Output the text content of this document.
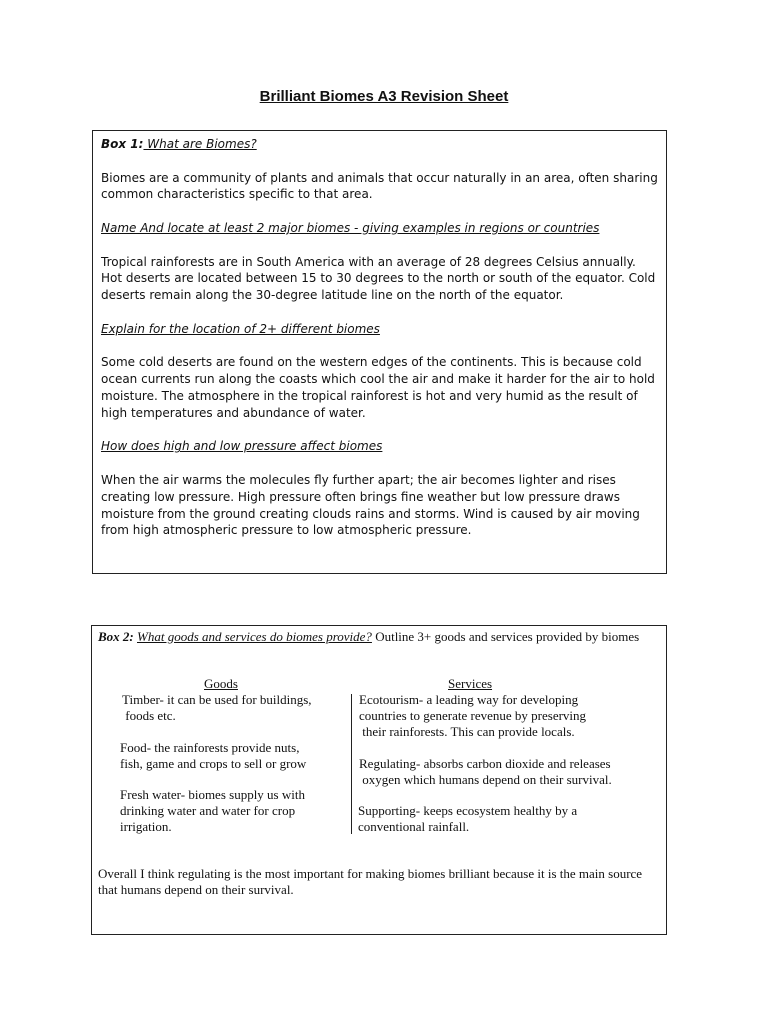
Brilliant Biomes A3 Revision Sheet

Box 1: What are Biomes?

Biomes are a community of plants and animals that occur naturally in an area, often sharing common characteristics specific to that area.

Name And locate at least 2 major biomes - giving examples in regions or countries

Tropical rainforests are in South America with an average of 28 degrees Celsius annually. Hot deserts are located between 15 to 30 degrees to the north or south of the equator. Cold deserts remain along the 30-degree latitude line on the north of the equator.

Explain for the location of 2+ different biomes

Some cold deserts are found on the western edges of the continents. This is because cold ocean currents run along the coasts which cool the air and make it harder for the air to hold moisture. The atmosphere in the tropical rainforest is hot and very humid as the result of high temperatures and abundance of water.

How does high and low pressure affect biomes

When the air warms the molecules fly further apart; the air becomes lighter and rises creating low pressure. High pressure often brings fine weather but low pressure draws moisture from the ground creating clouds rains and storms. Wind is caused by air moving from high atmospheric pressure to low atmospheric pressure.

Box 2: What goods and services do biomes provide? Outline 3+ goods and services provided by biomes

Goods	Services
Timber- it can be used for buildings,
foods etc.
Food- the rainforests provide nuts,
fish, game and crops to sell or grow
Fresh water- biomes supply us with
drinking water and water for crop
irrigation.
Ecotourism- a leading way for developing
countries to generate revenue by preserving
their rainforests. This can provide locals.
Regulating- absorbs carbon dioxide and releases
oxygen which humans depend on their survival.
Supporting- keeps ecosystem healthy by a
conventional rainfall.

Overall I think regulating is the most important for making biomes brilliant because it is the main source that humans depend on their survival.
